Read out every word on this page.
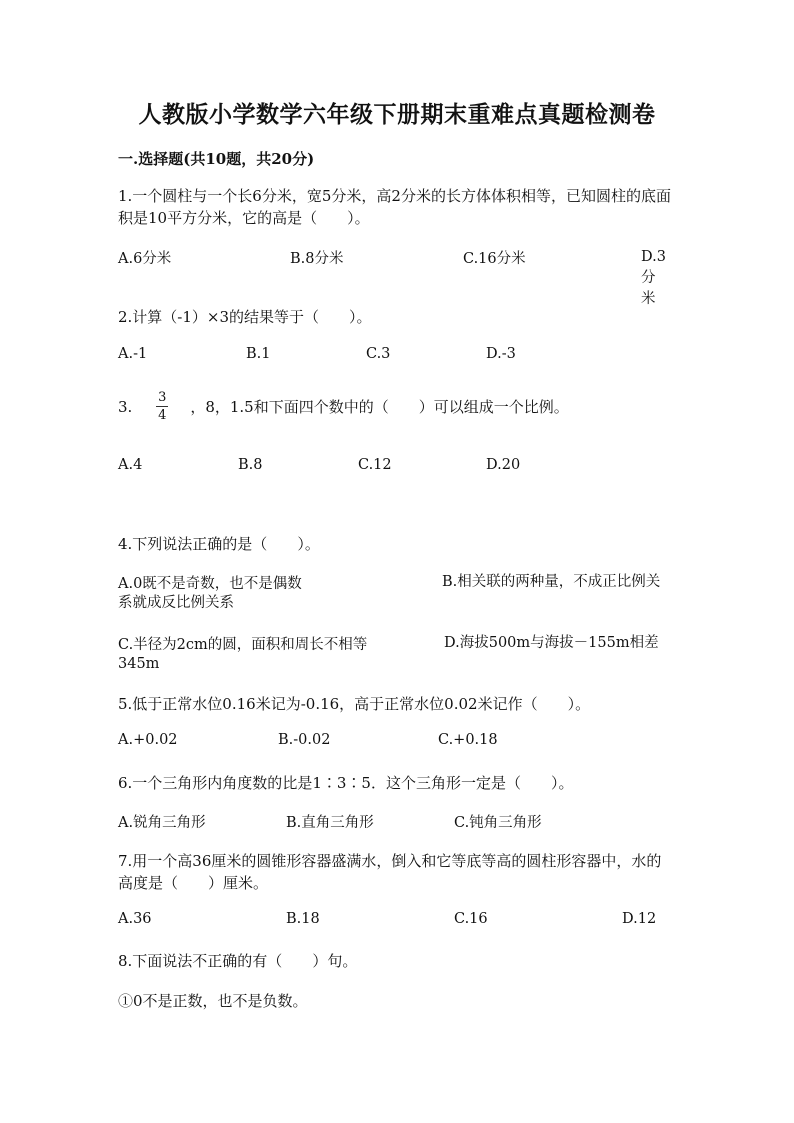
人教版小学数学六年级下册期末重难点真题检测卷
一.选择题(共10题，共20分)
1.一个圆柱与一个长6分米，宽5分米，高2分米的长方体体积相等，已知圆柱的底面积是10平方分米，它的高是（　　）。
A.6分米	B.8分米	C.16分米	D.3分米
2.计算（-1）×3的结果等于（　　）。
A.-1	B.1	C.3	D.-3
3. $\frac{3}{4}$ ，8，1.5和下面四个数中的（　　）可以组成一个比例。
A.4	B.8	C.12	D.20
4.下列说法正确的是（　　）。
A.0既不是奇数，也不是偶数	B.相关联的两种量，不成正比例关系就成反比例关系
C.半径为2cm的圆，面积和周长不相等	D.海拔500m与海拔－155m相差345m
5.低于正常水位0.16米记为-0.16，高于正常水位0.02米记作（　　）。
A.+0.02	B.-0.02	C.+0.18
6.一个三角形内角度数的比是1∶3∶5．这个三角形一定是（　　）。
A.锐角三角形	B.直角三角形	C.钝角三角形
7.用一个高36厘米的圆锥形容器盛满水，倒入和它等底等高的圆柱形容器中，水的高度是（　　）厘米。
A.36	B.18	C.16	D.12
8.下面说法不正确的有（　　）句。
①0不是正数，也不是负数。
